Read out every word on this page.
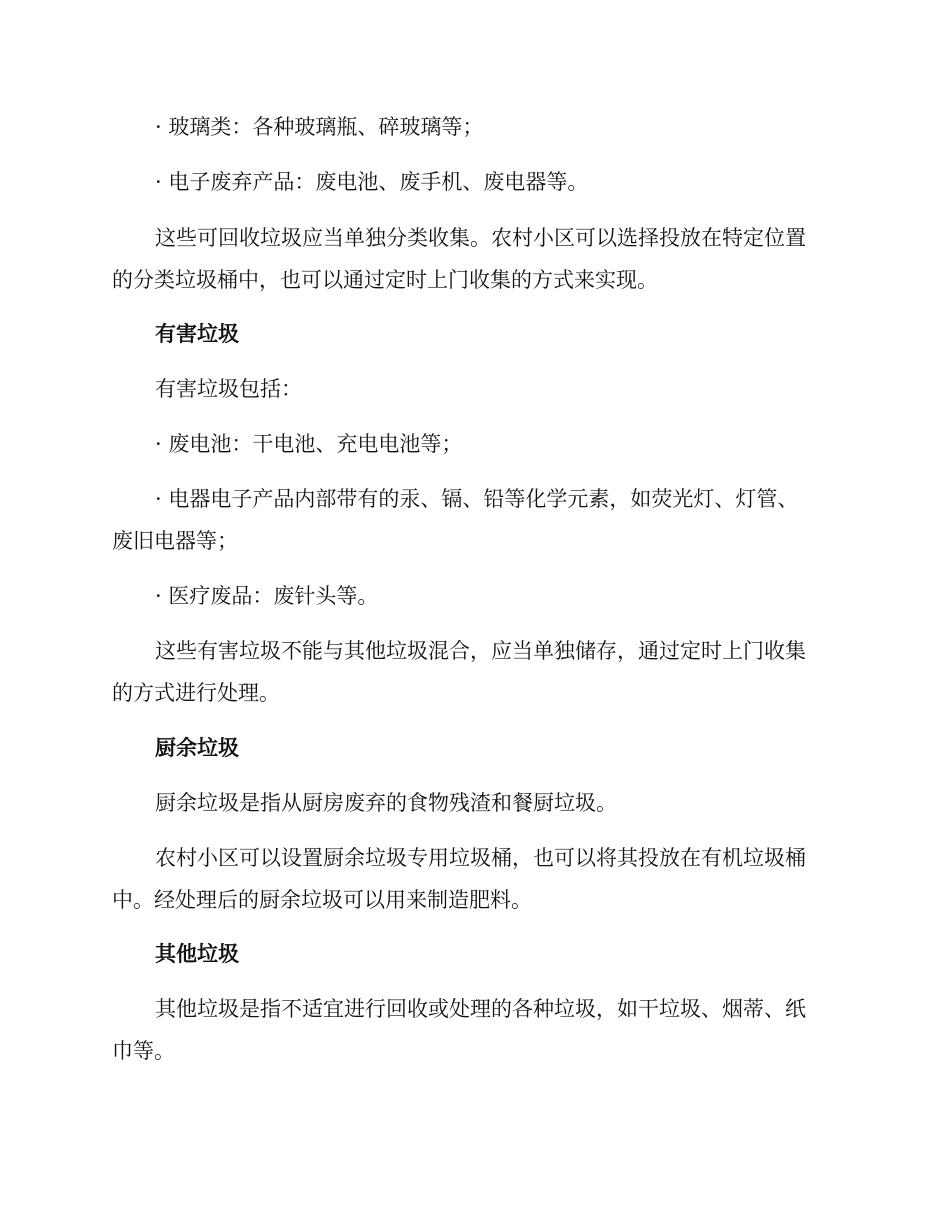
· 玻璃类：各种玻璃瓶、碎玻璃等；
· 电子废弃产品：废电池、废手机、废电器等。
这些可回收垃圾应当单独分类收集。农村小区可以选择投放在特定位置
的分类垃圾桶中，也可以通过定时上门收集的方式来实现。
有害垃圾
有害垃圾包括：
· 废电池：干电池、充电电池等；
· 电器电子产品内部带有的汞、镉、铅等化学元素，如荧光灯、灯管、
废旧电器等；
· 医疗废品：废针头等。
这些有害垃圾不能与其他垃圾混合，应当单独储存，通过定时上门收集
的方式进行处理。
厨余垃圾
厨余垃圾是指从厨房废弃的食物残渣和餐厨垃圾。
农村小区可以设置厨余垃圾专用垃圾桶，也可以将其投放在有机垃圾桶
中。经处理后的厨余垃圾可以用来制造肥料。
其他垃圾
其他垃圾是指不适宜进行回收或处理的各种垃圾，如干垃圾、烟蒂、纸
巾等。
